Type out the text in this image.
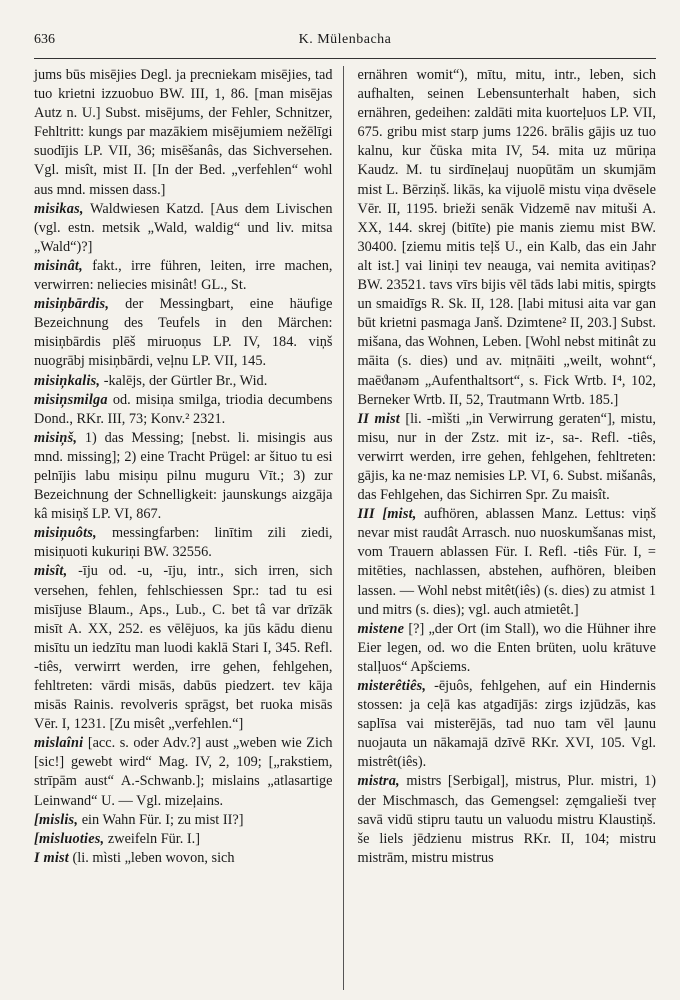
636	K. Mülenbacha

jums būs misējies Degl. ja precniekam misējies, tad tuo krietni izzuobuo BW. III, 1, 86. [man misējas Autz n. U.] Subst. misējums, der Fehler, Schnitzer, Fehltritt: kungs par mazākiem misējumiem nežēlīgi suodījis LP. VII, 36; misēšanâs, das Sichversehen. Vgl. misît, mist II. [In der Bed. „verfehlen“ wohl aus mnd. missen dass.]

misikas, Waldwiesen Katzd. [Aus dem Livischen (vgl. estn. metsik „Wald, waldig“ und liv. mitsa „Wald“)?]

misinât, fakt., irre führen, leiten, irre machen, verwirren: neliecies misinât! GL., St.

misiņbārdis, der Messingbart, eine häufige Bezeichnung des Teufels in den Märchen: misiņbārdis plēš miruoņus LP. IV, 184. viņš nuogrābj misiņbārdi, veļnu LP. VII, 145.

misiņkalis, -kalējs, der Gürtler Br., Wid.

misiņsmilga od. misiņa smilga, triodia decumbens Dond., RKr. III, 73; Konv.² 2321.

misiņš, 1) das Messing; [nebst. li. misingis aus mnd. missing]; 2) eine Tracht Prügel: ar šituo tu esi pelnījis labu misiņu pilnu muguru Vīt.; 3) zur Bezeichnung der Schnelligkeit: jaunskungs aizgāja kâ misiņš LP. VI, 867.

misiņuôts, messingfarben: linītim zili ziedi, misiņuoti kukuriņi BW. 32556.

misît, -īju od. -u, -īju, intr., sich irren, sich versehen, fehlen, fehlschiessen Spr.: tad tu esi misījuse Blaum., Aps., Lub., C. bet tâ var drīzāk misīt A. XX, 252. es vēlējuos, ka jūs kādu dienu misītu un iedzītu man luodi kaklā Stari I, 345. Refl. -tiês, verwirrt werden, irre gehen, fehlgehen, fehltreten: vārdi misās, dabūs piedzert. tev kāja misās Rainis. revolveris sprāgst, bet ruoka misās Vēr. I, 1231. [Zu misêt „verfehlen.“]

mislaîni [acc. s. oder Adv.?] aust „weben wie Zich [sic!] gewebt wird“ Mag. IV, 2, 109; [„rakstiem, strīpām aust“ A.-Schwanb.]; mislains „atlasartige Leinwand“ U. — Vgl. mizeļains.

[mislis, ein Wahn Für. I; zu mist II?]

[misluoties, zweifeln Für. I.]

I mist (li. mìsti „leben wovon, sich

ernähren womit“), mītu, mitu, intr., leben, sich aufhalten, seinen Lebensunterhalt haben, sich ernähren, gedeihen: zaldāti mita kuorteļuos LP. VII, 675. gribu mist starp jums 1226. brālis gājis uz tuo kalnu, kur čūska mita IV, 54. mita uz mūriņa Kaudz. M. tu sirdīneļauj nuopūtām un skumjām mist L. Bērziņš. likās, ka vijuolē mistu viņa dvēsele Vēr. II, 1195. brieži senāk Vidzemē nav mituši A. XX, 144. skrej (bitīte) pie manis ziemu mist BW. 30400. [ziemu mitis teļš U., ein Kalb, das ein Jahr alt ist.] vai liniņi tev neauga, vai nemita avitiņas? BW. 23521. tavs vīrs bijis vēl tāds labi mitis, spirgts un smaidīgs R. Sk. II, 128. [labi mitusi aita var gan būt krietni pasmaga Janš. Dzimtene² II, 203.] Subst. mišana, das Wohnen, Leben. [Wohl nebst mitinât zu māita (s. dies) und av. miṭnāiti „weilt, wohnt“, maēϑanəm „Aufenthaltsort“, s. Fick Wrtb. I⁴, 102, Berneker Wrtb. II, 52, Trautmann Wrtb. 185.]

II mist [li. -mìšti „in Verwirrung geraten“], mistu, misu, nur in der Zstz. mit iz-, sa-. Refl. -tiês, verwirrt werden, irre gehen, fehlgehen, fehltreten: gājis, ka ne·maz nemisies LP. VI, 6. Subst. mišanâs, das Fehlgehen, das Sichirren Spr. Zu maisît.

III [mist, aufhören, ablassen Manz. Lettus: viņš nevar mist raudât Arrasch. nuo nuoskumšanas mist, vom Trauern ablassen Für. I. Refl. -tiês Für. I, = mitēties, nachlassen, abstehen, aufhören, bleiben lassen. — Wohl nebst mitêt(iês) (s. dies) zu atmist 1 und mitrs (s. dies); vgl. auch atmietêt.]

mistene [?] „der Ort (im Stall), wo die Hühner ihre Eier legen, od. wo die Enten brüten, uolu krātuve stalļuos“ Apšciems.

misterêtiês, -ējuôs, fehlgehen, auf ein Hindernis stossen: ja ceļā kas atgadījās: zirgs izjūdzās, kas saplīsa vai misterējās, tad nuo tam vēl ļaunu nuojauta un nākamajā dzīvē RKr. XVI, 105. Vgl. mistrêt(iês).

mistra, mistrs [Serbigal], mistrus, Plur. mistri, 1) der Mischmasch, das Gemengsel: zęmgalieši tveŗ savā vidū stipru tautu un valuodu mistru Klaustiņš. še liels jēdzienu mistrus RKr. II, 104; mistru mistrām, mistru mistrus
